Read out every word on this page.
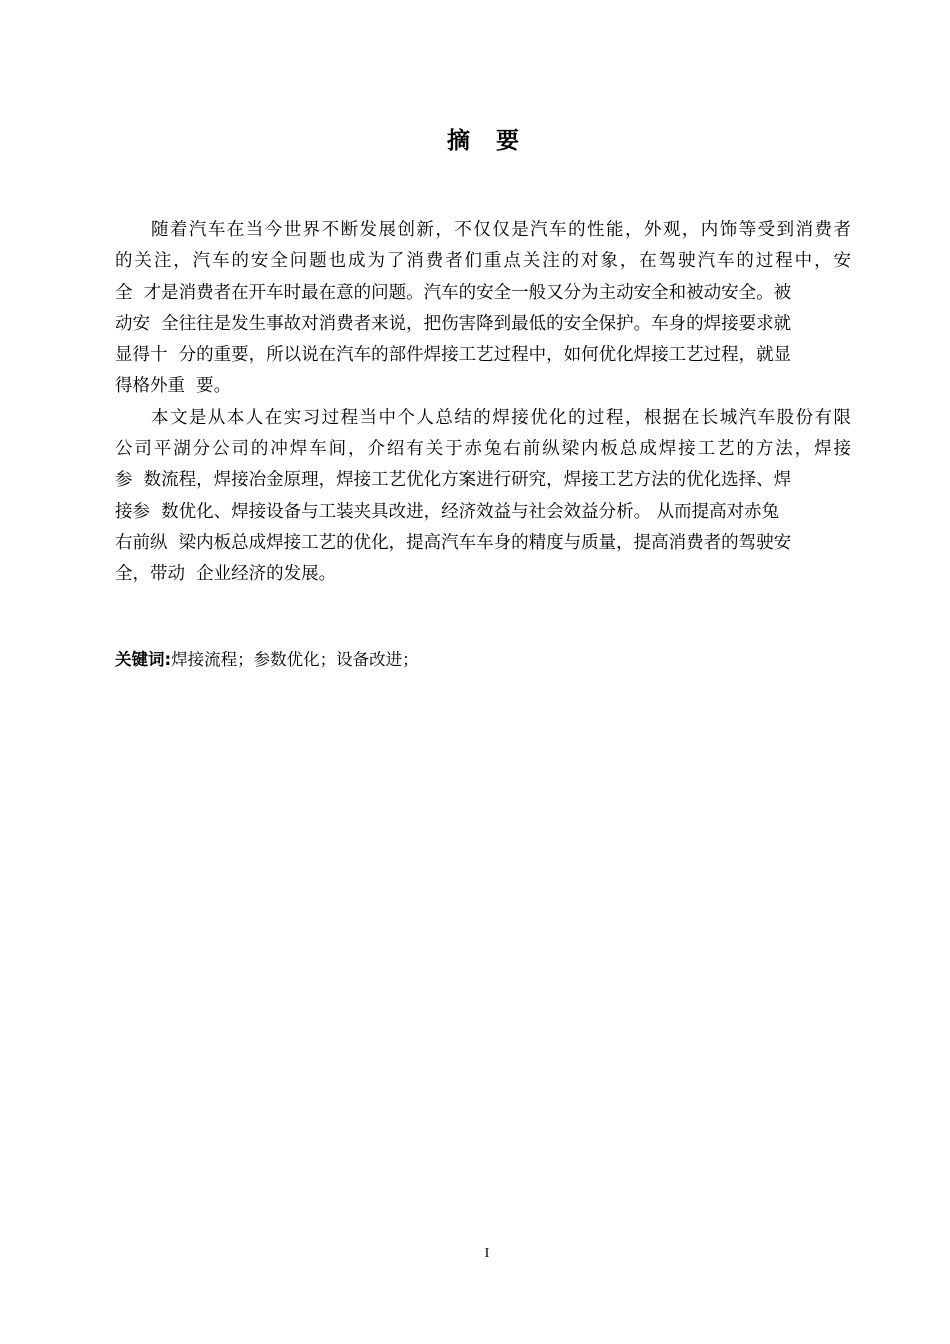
摘 要
随着汽车在当今世界不断发展创新，不仅仅是汽车的性能，外观，内饰等受到消费者
的关注，汽车的安全问题也成为了消费者们重点关注的对象，在驾驶汽车的过程中，安
全  才是消费者在开车时最在意的问题。汽车的安全一般又分为主动安全和被动安全。被
动安  全往往是发生事故对消费者来说，把伤害降到最低的安全保护。车身的焊接要求就
显得十  分的重要，所以说在汽车的部件焊接工艺过程中，如何优化焊接工艺过程，就显
得格外重  要。
本文是从本人在实习过程当中个人总结的焊接优化的过程，根据在长城汽车股份有限
公司平湖分公司的冲焊车间，介绍有关于赤兔右前纵梁内板总成焊接工艺的方法，焊接
参  数流程，焊接冶金原理，焊接工艺优化方案进行研究，焊接工艺方法的优化选择、焊
接参  数优化、焊接设备与工装夹具改进，经济效益与社会效益分析。 从而提高对赤兔
右前纵  梁内板总成焊接工艺的优化，提高汽车车身的精度与质量，提高消费者的驾驶安
全，带动  企业经济的发展。
关键词:焊接流程；参数优化；设备改进；
I
